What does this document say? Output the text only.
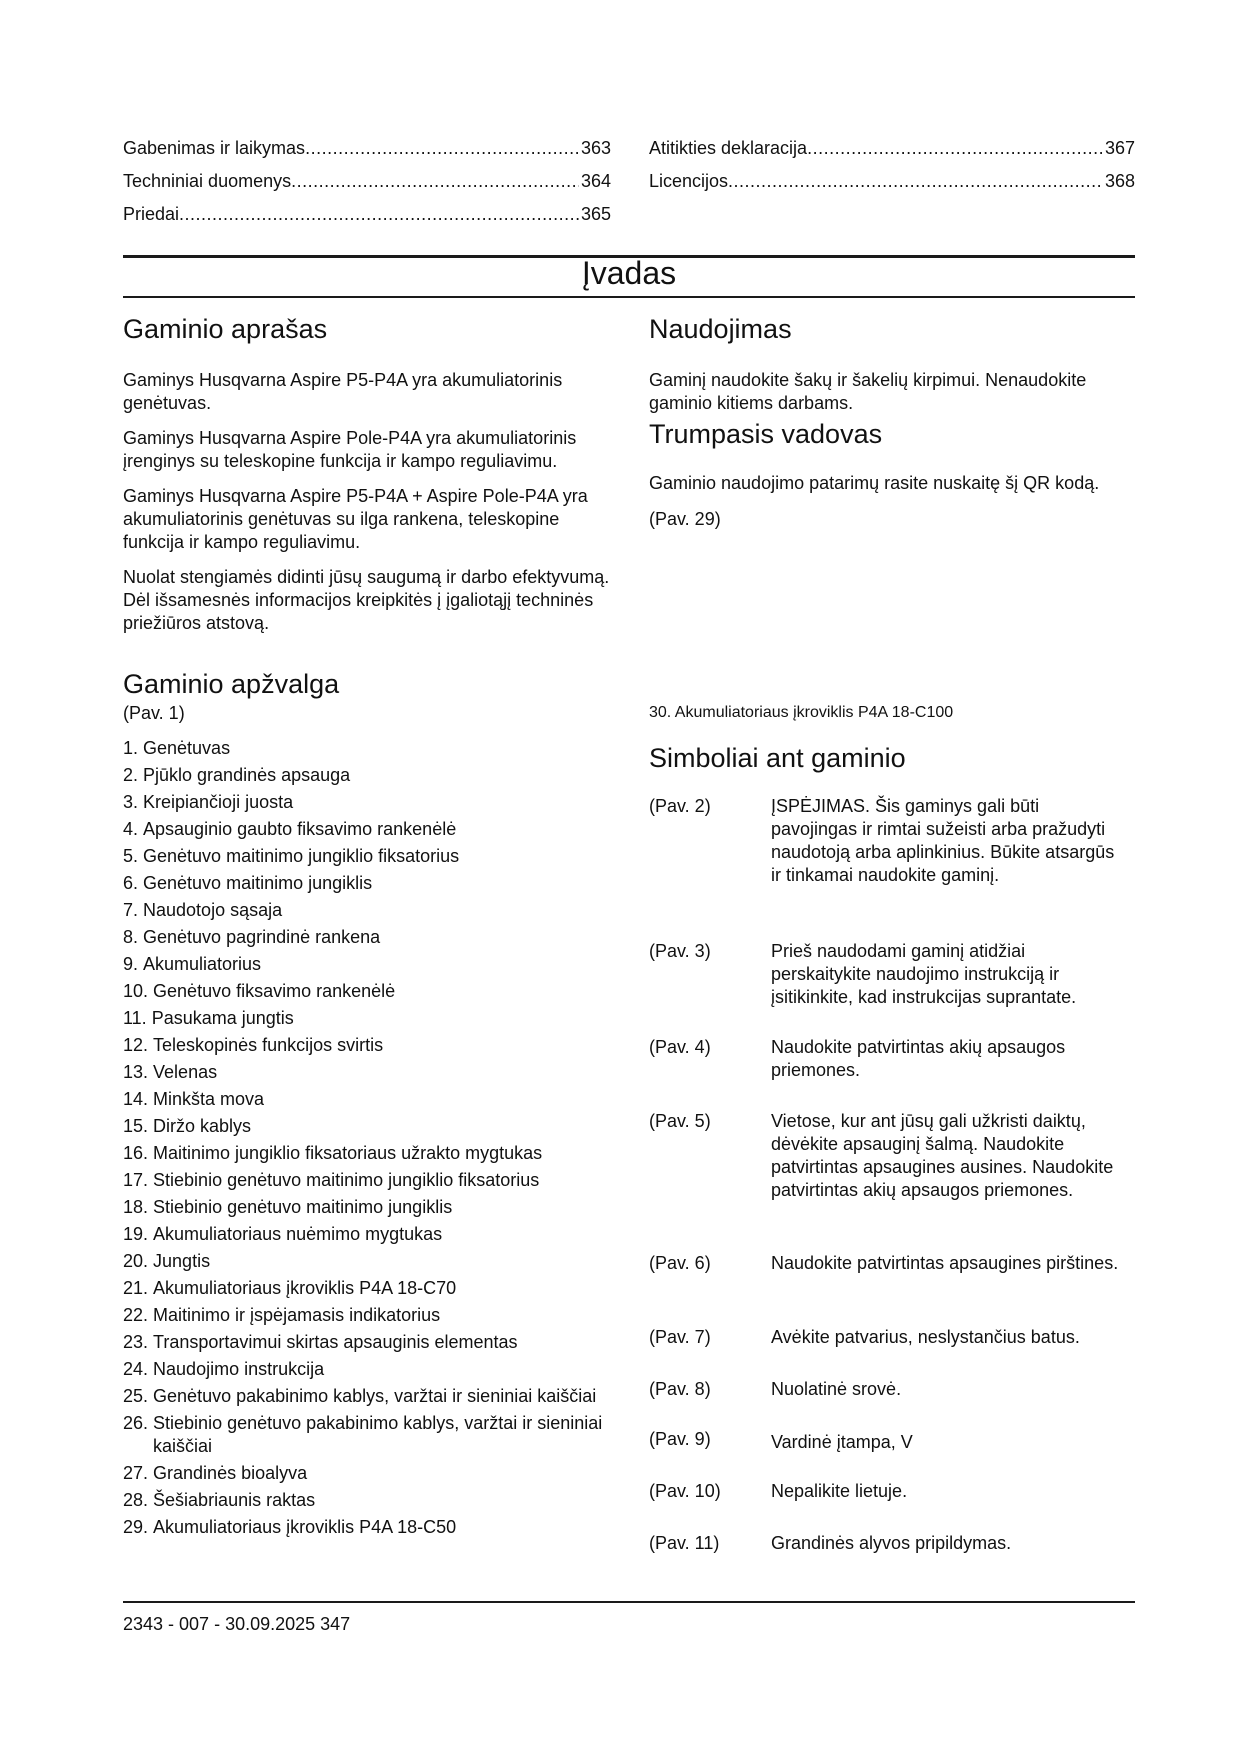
Gabenimas ir laikymas .....	363
Techniniai duomenys .....	364
Priedai .....	365
Atitikties deklaracija .....	367
Licencijos .....	368
Įvadas
Gaminio aprašas

Gaminys Husqvarna Aspire P5-P4A yra akumuliatorinis genėtuvas.

Gaminys Husqvarna Aspire Pole-P4A yra akumuliatorinis įrenginys su teleskopine funkcija ir kampo reguliavimu.

Gaminys Husqvarna Aspire P5-P4A + Aspire Pole-P4A yra akumuliatorinis genėtuvas su ilga rankena, teleskopine funkcija ir kampo reguliavimu.

Nuolat stengiamės didinti jūsų saugumą ir darbo efektyvumą. Dėl išsamesnės informacijos kreipkitės į įgaliotąjį techninės priežiūros atstovą.

Gaminio apžvalga

(Pav. 1)

1. Genėtuvas
2. Pjūklo grandinės apsauga
3. Kreipiančioji juosta
4. Apsauginio gaubto fiksavimo rankenėlė
5. Genėtuvo maitinimo jungiklio fiksatorius
6. Genėtuvo maitinimo jungiklis
7. Naudotojo sąsaja
8. Genėtuvo pagrindinė rankena
9. Akumuliatorius
10. Genėtuvo fiksavimo rankenėlė
11. Pasukama jungtis
12. Teleskopinės funkcijos svirtis
13. Velenas
14. Minkšta mova
15. Diržo kablys
16. Maitinimo jungiklio fiksatoriaus užrakto mygtukas
17. Stiebinio genėtuvo maitinimo jungiklio fiksatorius
18. Stiebinio genėtuvo maitinimo jungiklis
19. Akumuliatoriaus nuėmimo mygtukas
20. Jungtis
21. Akumuliatoriaus įkroviklis P4A 18-C70
22. Maitinimo ir įspėjamasis indikatorius
23. Transportavimui skirtas apsauginis elementas
24. Naudojimo instrukcija
25. Genėtuvo pakabinimo kablys, varžtai ir sieniniai kaiščiai
26. Stiebinio genėtuvo pakabinimo kablys, varžtai ir sieniniai kaiščiai
27. Grandinės bioalyva
28. Šešiabriaunis raktas
29. Akumuliatoriaus įkroviklis P4A 18-C50
Naudojimas

Gaminį naudokite šakų ir šakelių kirpimui. Nenaudokite gaminio kitiems darbams.

Trumpasis vadovas

Gaminio naudojimo patarimų rasite nuskaitę šį QR kodą.

(Pav. 29)

30. Akumuliatoriaus įkroviklis P4A 18-C100
Simboliai ant gaminio
(Pav. 2)	ĮSPĖJIMAS. Šis gaminys gali būti pavojingas ir rimtai sužeisti arba pražudyti naudotoją arba aplinkinius. Būkite atsargūs ir tinkamai naudokite gaminį.
(Pav. 3)	Prieš naudodami gaminį atidžiai perskaitykite naudojimo instrukciją ir įsitikinkite, kad instrukcijas suprantate.
(Pav. 4)	Naudokite patvirtintas akių apsaugos priemones.
(Pav. 5)	Vietose, kur ant jūsų gali užkristi daiktų, dėvėkite apsauginį šalmą. Naudokite patvirtintas apsaugines ausines. Naudokite patvirtintas akių apsaugos priemones.
(Pav. 6)	Naudokite patvirtintas apsaugines pirštines.
(Pav. 7)	Avėkite patvarius, neslystančius batus.
(Pav. 8)	Nuolatinė srovė.
(Pav. 9)	Vardinė įtampa, V
(Pav. 10)	Nepalikite lietuje.
(Pav. 11)	Grandinės alyvos pripildymas.
2343 - 007 - 30.09.2025 347
